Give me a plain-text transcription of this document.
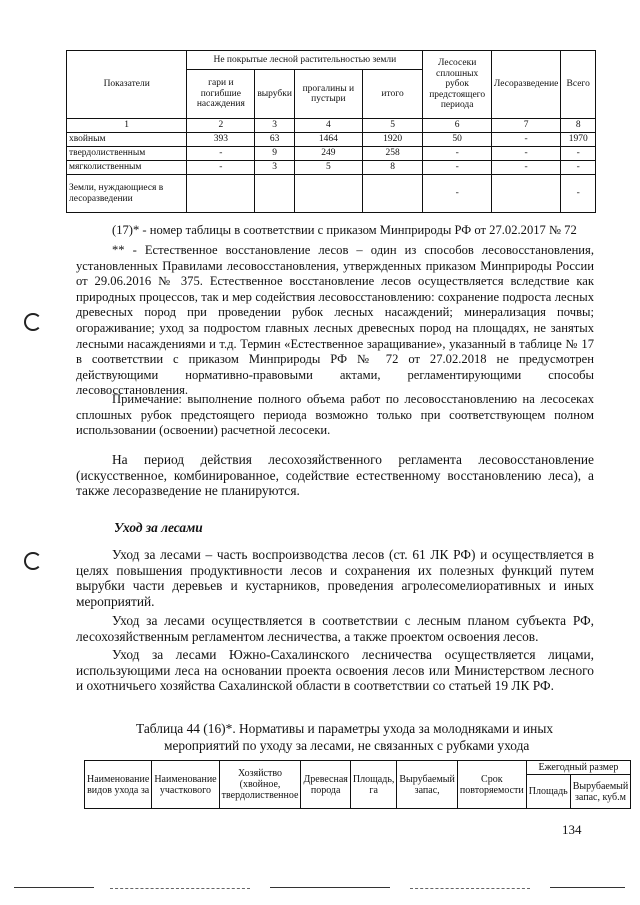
Показатели	Не покрытые лесной растительностью земли				Лесосеки сплошных рубок предстоящего периода	Лесоразведение	Всего
	гари и погибшие насаждения	вырубки	прогалины и пустыри	итого			
1	2	3	4	5	6	7	8
хвойным	393	63	1464	1920	50	-	1970
твердолиственным	-	9	249	258	-	-	-
мягколиственным	-	3	5	8	-	-	-
Земли, нуждающиеся в лесоразведении					-		-
(17)* - номер таблицы в соответствии с приказом Минприроды РФ от 27.02.2017 № 72
** - Естественное восстановление лесов – один из способов лесовосстановления, установленных Правилами лесовосстановления, утвержденных приказом Минприроды России от 29.06.2016 № 375. Естественное восстановление лесов осуществляется вследствие как природных процессов, так и мер содействия лесовосстановлению: сохранение подроста лесных древесных пород при проведении рубок лесных насаждений; минерализация почвы; огораживание; уход за подростом главных лесных древесных пород на площадях, не занятых лесными насаждениями и т.д. Термин «Естественное заращивание», указанный в таблице № 17 в соответствии с приказом Минприроды РФ № 72 от 27.02.2018 не предусмотрен действующими нормативно-правовыми актами, регламентирующими способы лесовосстановления.
Примечание: выполнение полного объема работ по лесовосстановлению на лесосеках сплошных рубок предстоящего периода возможно только при соответствующем полном использовании (освоении) расчетной лесосеки.
На период действия лесохозяйственного регламента лесовосстановление (искусственное, комбинированное, содействие естественному восстановлению леса), а также лесоразведение не планируются.
Уход за лесами
Уход за лесами – часть воспроизводства лесов (ст. 61 ЛК РФ) и осуществляется в целях повышения продуктивности лесов и сохранения их полезных функций путем вырубки части деревьев и кустарников, проведения агролесомелиоративных и иных мероприятий.
Уход за лесами осуществляется в соответствии с лесным планом субъекта РФ, лесохозяйственным регламентом лесничества, а также проектом освоения лесов.
Уход за лесами Южно-Сахалинского лесничества осуществляется лицами, использующими леса на основании проекта освоения лесов или Министерством лесного и охотничьего хозяйства Сахалинской области в соответствии со статьей 19 ЛК РФ.
Таблица 44 (16)*. Нормативы и параметры ухода за молодняками и иных
мероприятий по уходу за лесами, не связанных с рубками ухода
Наименование видов ухода за	Наименование участкового	Хозяйство (хвойное, твердолиственное	Древесная порода	Площадь, га	Вырубаемый запас,	Срок повторяемости	Ежегодный размер	
							Площадь	Вырубаемый запас, куб.м
134
